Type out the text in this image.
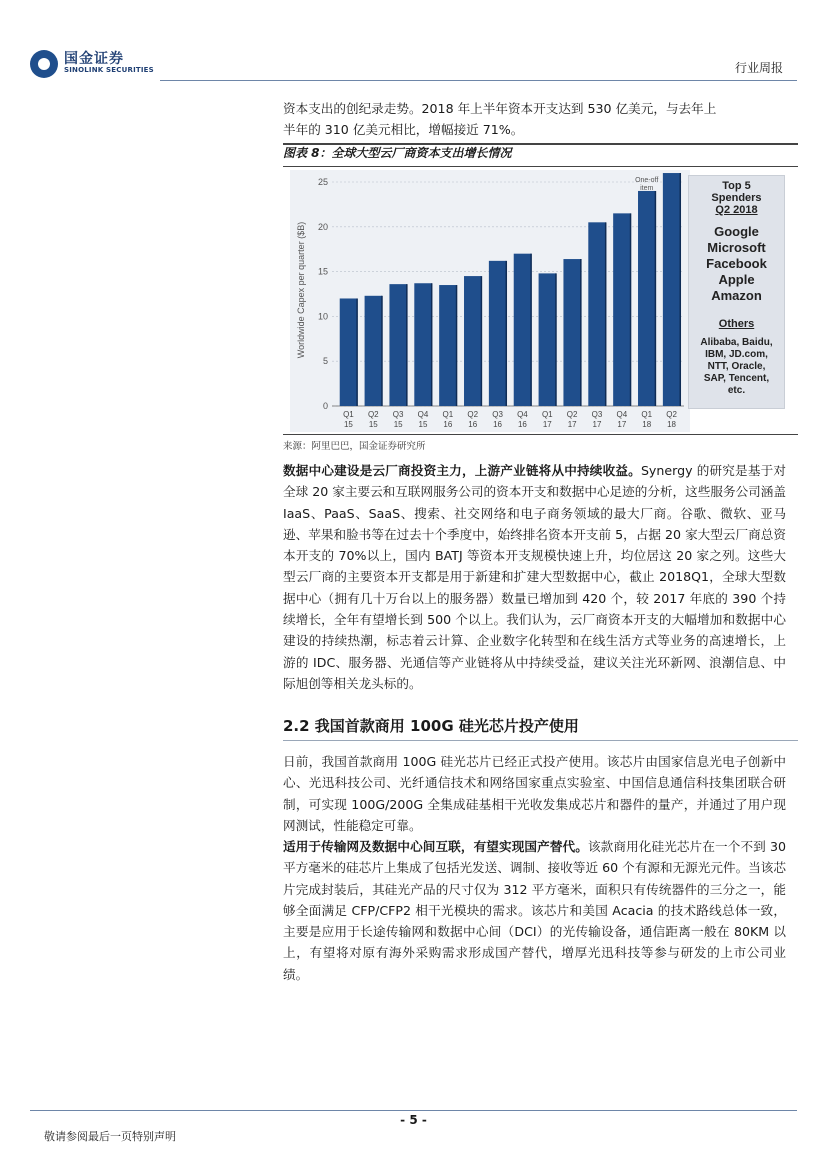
国金证券
SINOLINK SECURITIES	行业周报
资本支出的创纪录走势。2018 年上半年资本开支达到 530 亿美元，与去年上
半年的 310 亿美元相比，增幅接近 71%。
图表 8：全球大型云厂商资本支出增长情况
0
5
10
15
20
25
Worldwide Capex per quarter ($B)
Q1
15
Q2
15
Q3
15
Q4
15
Q1
16
Q2
16
Q3
16
Q4
16
Q1
17
Q2
17
Q3
17
Q4
17
Q1
18
Q2
18
One-off
item	Top 5
Spenders
Q2 2018
Google
Microsoft
Facebook
Apple
Amazon
Others
Alibaba, Baidu,
IBM, JD.com,
NTT, Oracle,
SAP, Tencent,
etc.
来源：阿里巴巴，国金证券研究所
数据中心建设是云厂商投资主力，上游产业链将从中持续收益。Synergy 的研究是基于对全球 20 家主要云和互联网服务公司的资本开支和数据中心足迹的分析，这些服务公司涵盖 IaaS、PaaS、SaaS、搜索、社交网络和电子商务领域的最大厂商。谷歌、微软、亚马逊、苹果和脸书等在过去十个季度中，始终排名资本开支前 5，占据 20 家大型云厂商总资本开支的 70%以上，国内 BATJ 等资本开支规模快速上升，均位居这 20 家之列。这些大型云厂商的主要资本开支都是用于新建和扩建大型数据中心，截止 2018Q1，全球大型数据中心（拥有几十万台以上的服务器）数量已增加到 420 个，较 2017 年底的 390 个持续增长，全年有望增长到 500 个以上。我们认为，云厂商资本开支的大幅增加和数据中心建设的持续热潮，标志着云计算、企业数字化转型和在线生活方式等业务的高速增长，上游的 IDC、服务器、光通信等产业链将从中持续受益，建议关注光环新网、浪潮信息、中际旭创等相关龙头标的。
2.2 我国首款商用 100G 硅光芯片投产使用
日前，我国首款商用 100G 硅光芯片已经正式投产使用。该芯片由国家信息光电子创新中心、光迅科技公司、光纤通信技术和网络国家重点实验室、中国信息通信科技集团联合研制，可实现 100G/200G 全集成硅基相干光收发集成芯片和器件的量产，并通过了用户现网测试，性能稳定可靠。
适用于传输网及数据中心间互联，有望实现国产替代。该款商用化硅光芯片在一个不到 30 平方毫米的硅芯片上集成了包括光发送、调制、接收等近 60 个有源和无源光元件。当该芯片完成封装后，其硅光产品的尺寸仅为 312 平方毫米，面积只有传统器件的三分之一，能够全面满足 CFP/CFP2 相干光模块的需求。该芯片和美国 Acacia 的技术路线总体一致，主要是应用于长途传输网和数据中心间（DCI）的光传输设备，通信距离一般在 80KM 以上，有望将对原有海外采购需求形成国产替代，增厚光迅科技等参与研发的上市公司业绩。
- 5 -
敬请参阅最后一页特别声明
